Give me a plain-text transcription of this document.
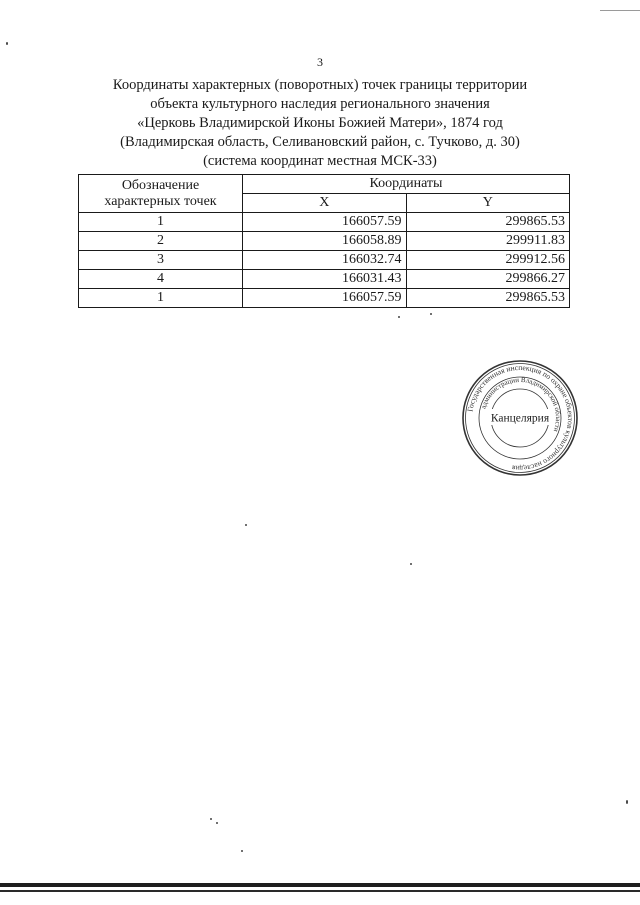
3
Координаты характерных (поворотных) точек границы территории
объекта культурного наследия регионального значения
«Церковь Владимирской Иконы Божией Матери», 1874 год
(Владимирская область, Селивановский район, с. Тучково, д. 30)
(система координат местная МСК-33)
Обозначение характерных точек	Координаты	
	X	Y
1	166057.59	299865.53
2	166058.89	299911.83
3	166032.74	299912.56
4	166031.43	299866.27
1	166057.59	299865.53
Государственная инспекция по охране объектов культурного наследия
администрации Владимирской области
Канцелярия
